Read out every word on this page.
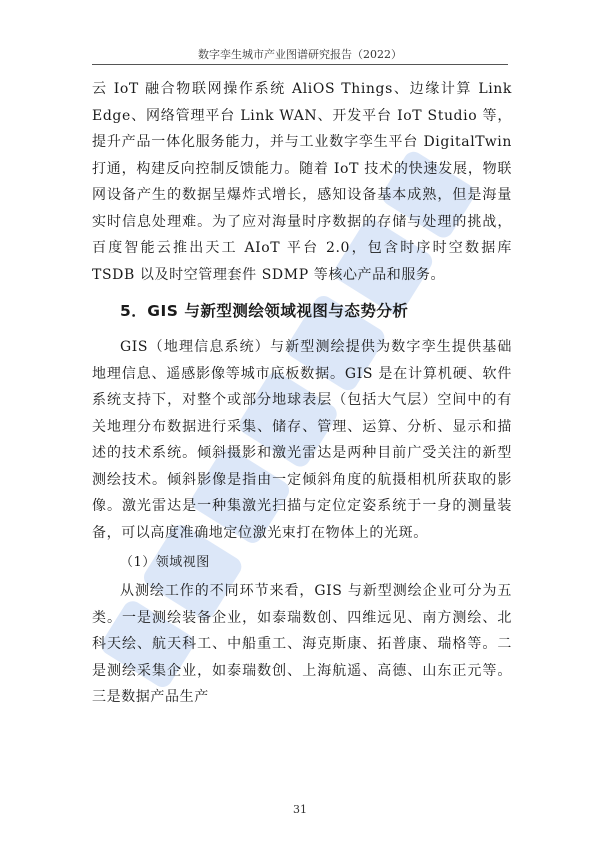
数字孪生城市产业图谱研究报告（2022）

云 IoT 融合物联网操作系统 AliOS Things、边缘计算 Link Edge、网络管理平台 Link WAN、开发平台 IoT Studio 等，提升产品一体化服务能力，并与工业数字孪生平台 DigitalTwin 打通，构建反向控制反馈能力。随着 IoT 技术的快速发展，物联网设备产生的数据呈爆炸式增长，感知设备基本成熟，但是海量实时信息处理难。为了应对海量时序数据的存储与处理的挑战，百度智能云推出天工 AIoT 平台 2.0，包含时序时空数据库 TSDB 以及时空管理套件 SDMP 等核心产品和服务。

5．GIS 与新型测绘领域视图与态势分析

GIS（地理信息系统）与新型测绘提供为数字孪生提供基础地理信息、遥感影像等城市底板数据。GIS 是在计算机硬、软件系统支持下，对整个或部分地球表层（包括大气层）空间中的有关地理分布数据进行采集、储存、管理、运算、分析、显示和描述的技术系统。倾斜摄影和激光雷达是两种目前广受关注的新型测绘技术。倾斜影像是指由一定倾斜角度的航摄相机所获取的影像。激光雷达是一种集激光扫描与定位定姿系统于一身的测量装备，可以高度准确地定位激光束打在物体上的光斑。

（1）领域视图

从测绘工作的不同环节来看，GIS 与新型测绘企业可分为五类。一是测绘装备企业，如泰瑞数创、四维远见、南方测绘、北科天绘、航天科工、中船重工、海克斯康、拓普康、瑞格等。二是测绘采集企业，如泰瑞数创、上海航遥、高德、山东正元等。三是数据产品生产

31
